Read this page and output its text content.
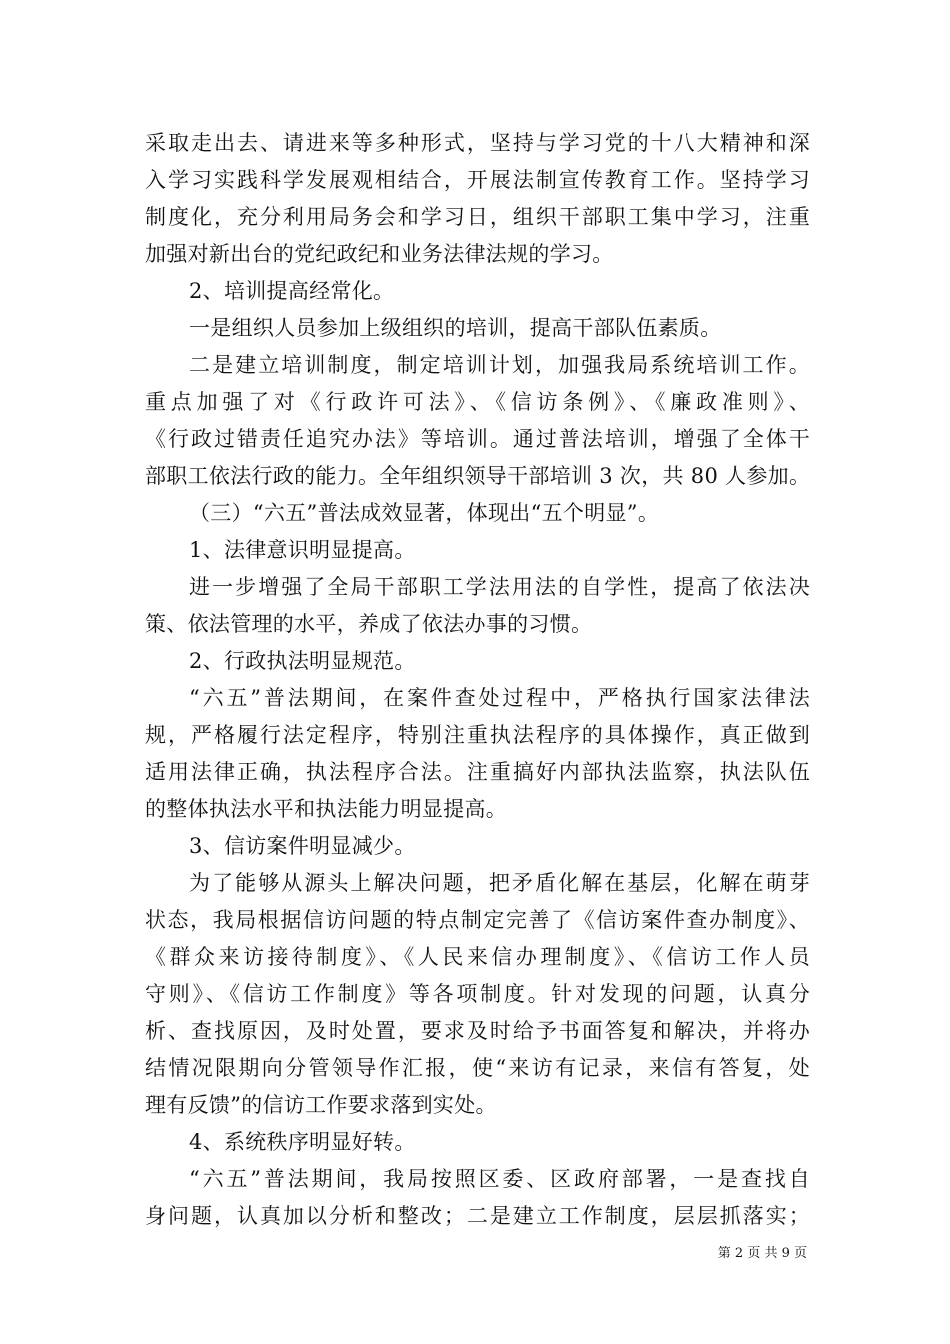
采取走出去、请进来等多种形式，坚持与学习党的十八大精神和深
入学习实践科学发展观相结合，开展法制宣传教育工作。坚持学习
制度化，充分利用局务会和学习日，组织干部职工集中学习，注重
加强对新出台的党纪政纪和业务法律法规的学习。
2、培训提高经常化。
一是组织人员参加上级组织的培训，提高干部队伍素质。
二是建立培训制度，制定培训计划，加强我局系统培训工作。
重点加强了对《行政许可法》、《信访条例》、《廉政准则》、
《行政过错责任追究办法》等培训。通过普法培训，增强了全体干
部职工依法行政的能力。全年组织领导干部培训 3 次，共 80 人参加。
（三）“六五”普法成效显著，体现出“五个明显”。
1、法律意识明显提高。
进一步增强了全局干部职工学法用法的自学性，提高了依法决
策、依法管理的水平，养成了依法办事的习惯。
2、行政执法明显规范。
“六五”普法期间，在案件查处过程中，严格执行国家法律法
规，严格履行法定程序，特别注重执法程序的具体操作，真正做到
适用法律正确，执法程序合法。注重搞好内部执法监察，执法队伍
的整体执法水平和执法能力明显提高。
3、信访案件明显减少。
为了能够从源头上解决问题，把矛盾化解在基层，化解在萌芽
状态，我局根据信访问题的特点制定完善了《信访案件查办制度》、
《群众来访接待制度》、《人民来信办理制度》、《信访工作人员
守则》、《信访工作制度》等各项制度。针对发现的问题，认真分
析、查找原因，及时处置，要求及时给予书面答复和解决，并将办
结情况限期向分管领导作汇报，使“来访有记录，来信有答复，处
理有反馈”的信访工作要求落到实处。
4、系统秩序明显好转。
“六五”普法期间，我局按照区委、区政府部署，一是查找自
身问题，认真加以分析和整改；二是建立工作制度，层层抓落实；
第 2 页 共 9 页
